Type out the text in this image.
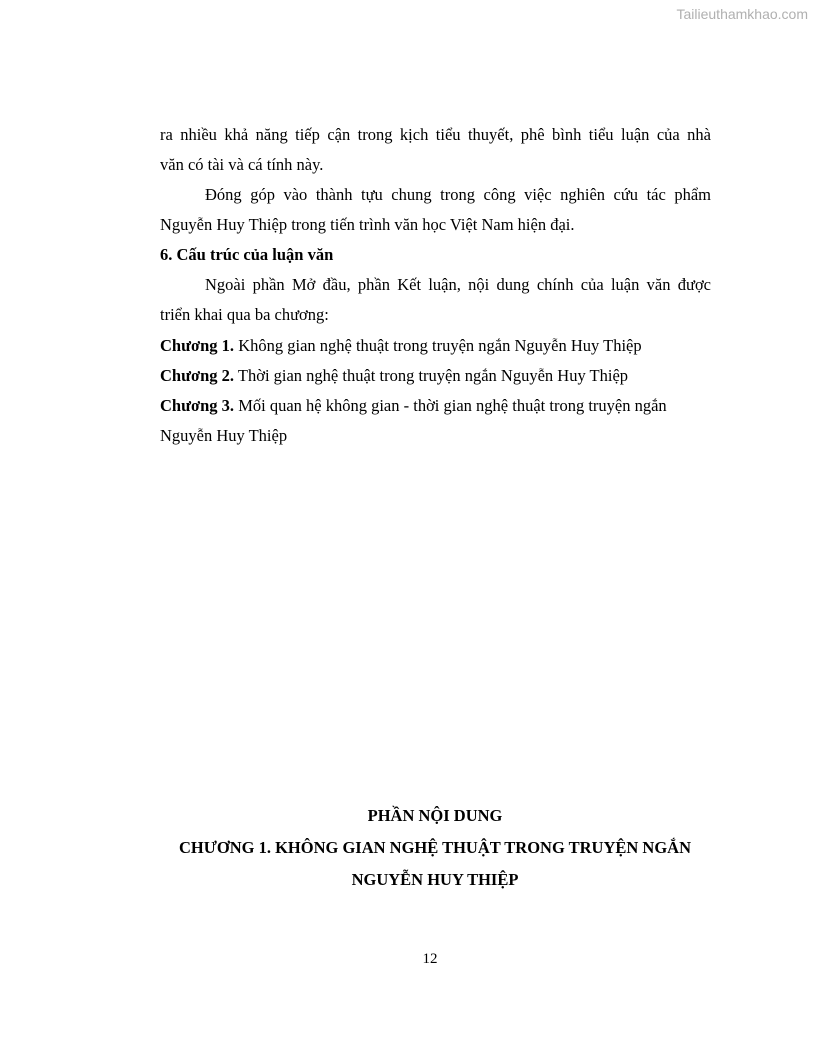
Tailieuthamkhao.com
ra nhiều khả năng tiếp cận trong kịch tiểu thuyết, phê bình tiểu luận của nhà
văn có tài và cá tính này.
Đóng góp vào thành tựu chung trong công việc nghiên cứu tác phẩm
Nguyễn Huy Thiệp trong tiến trình văn học Việt Nam hiện đại.
6. Cấu trúc của luận văn
Ngoài phần Mở đầu, phần Kết luận, nội dung chính của luận văn được
triển khai qua ba chương:
Chương 1. Không gian nghệ thuật trong truyện ngắn Nguyễn Huy Thiệp
Chương 2. Thời gian nghệ thuật trong truyện ngắn Nguyễn Huy Thiệp
Chương 3. Mối quan hệ không gian - thời gian nghệ thuật trong truyện ngắn
Nguyễn Huy Thiệp
PHẦN NỘI DUNG
CHƯƠNG 1. KHÔNG GIAN NGHỆ THUẬT TRONG TRUYỆN NGẮN
NGUYỄN HUY THIỆP
12
